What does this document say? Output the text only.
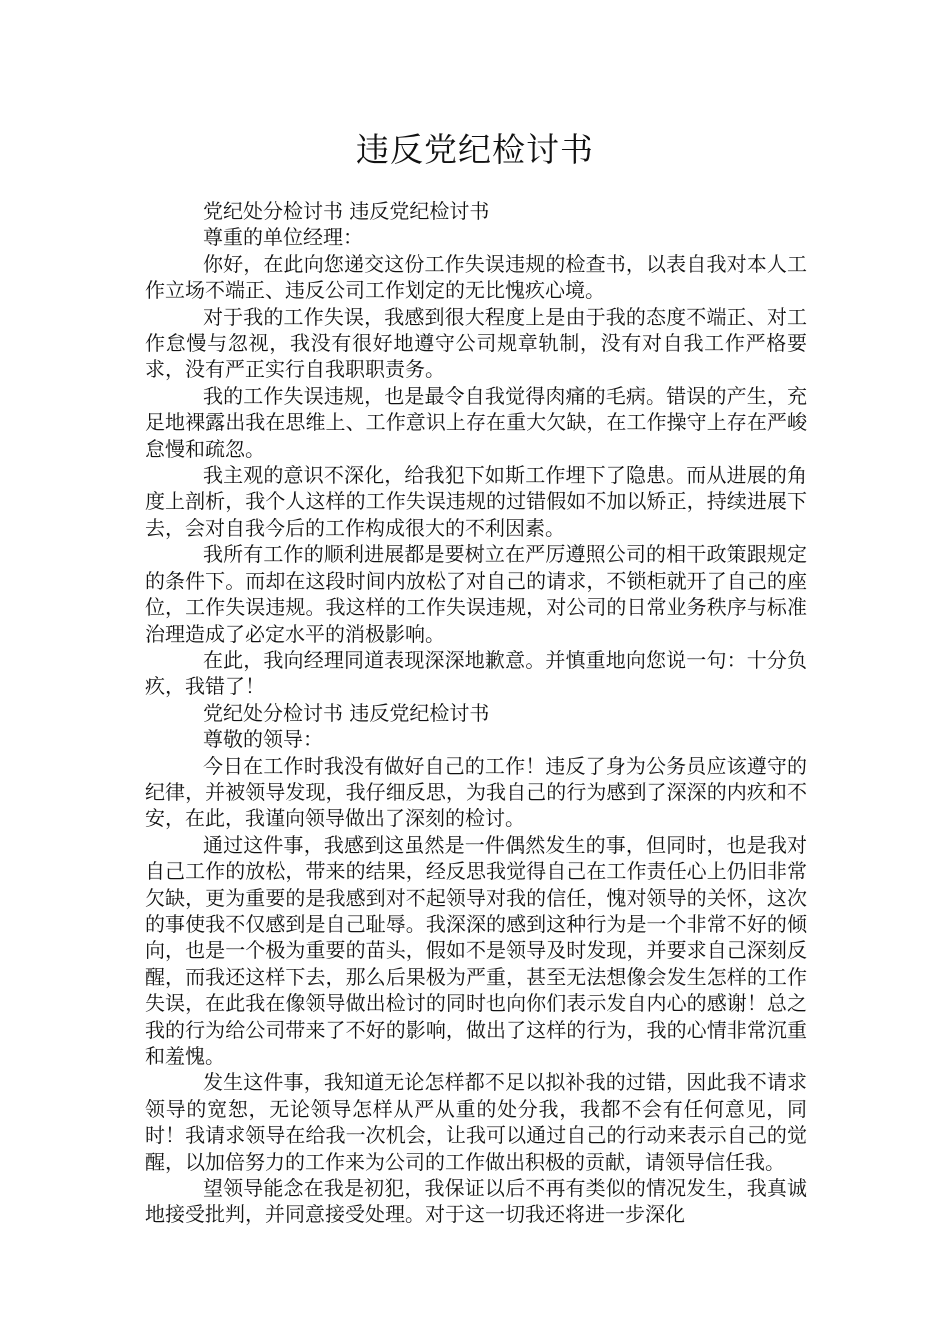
违反党纪检讨书

党纪处分检讨书 违反党纪检讨书

尊重的单位经理：

你好，在此向您递交这份工作失误违规的检查书，以表自我对本人工作立场不端正、违反公司工作划定的无比愧疚心境。

对于我的工作失误，我感到很大程度上是由于我的态度不端正、对工作怠慢与忽视，我没有很好地遵守公司规章轨制，没有对自我工作严格要求，没有严正实行自我职职责务。

我的工作失误违规，也是最令自我觉得肉痛的毛病。错误的产生，充足地裸露出我在思维上、工作意识上存在重大欠缺，在工作操守上存在严峻怠慢和疏忽。

我主观的意识不深化，给我犯下如斯工作埋下了隐患。而从进展的角度上剖析，我个人这样的工作失误违规的过错假如不加以矫正，持续进展下去，会对自我今后的工作构成很大的不利因素。

我所有工作的顺利进展都是要树立在严厉遵照公司的相干政策跟规定的条件下。而却在这段时间内放松了对自己的请求，不锁柜就开了自己的座位，工作失误违规。我这样的工作失误违规，对公司的日常业务秩序与标准治理造成了必定水平的消极影响。

在此，我向经理同道表现深深地歉意。并慎重地向您说一句：十分负疚，我错了！

党纪处分检讨书 违反党纪检讨书

尊敬的领导：

今日在工作时我没有做好自己的工作！违反了身为公务员应该遵守的纪律，并被领导发现，我仔细反思，为我自己的行为感到了深深的内疚和不安，在此，我谨向领导做出了深刻的检讨。

通过这件事，我感到这虽然是一件偶然发生的事，但同时，也是我对自己工作的放松，带来的结果，经反思我觉得自己在工作责任心上仍旧非常欠缺，更为重要的是我感到对不起领导对我的信任，愧对领导的关怀，这次的事使我不仅感到是自己耻辱。我深深的感到这种行为是一个非常不好的倾向，也是一个极为重要的苗头，假如不是领导及时发现，并要求自己深刻反醒，而我还这样下去，那么后果极为严重，甚至无法想像会发生怎样的工作失误，在此我在像领导做出检讨的同时也向你们表示发自内心的感谢！总之我的行为给公司带来了不好的影响，做出了这样的行为，我的心情非常沉重和羞愧。

发生这件事，我知道无论怎样都不足以拟补我的过错，因此我不请求领导的宽恕，无论领导怎样从严从重的处分我，我都不会有任何意见，同时！我请求领导在给我一次机会，让我可以通过自己的行动来表示自己的觉醒，以加倍努力的工作来为公司的工作做出积极的贡献，请领导信任我。

望领导能念在我是初犯，我保证以后不再有类似的情况发生，我真诚地接受批判，并同意接受处理。对于这一切我还将进一步深化
